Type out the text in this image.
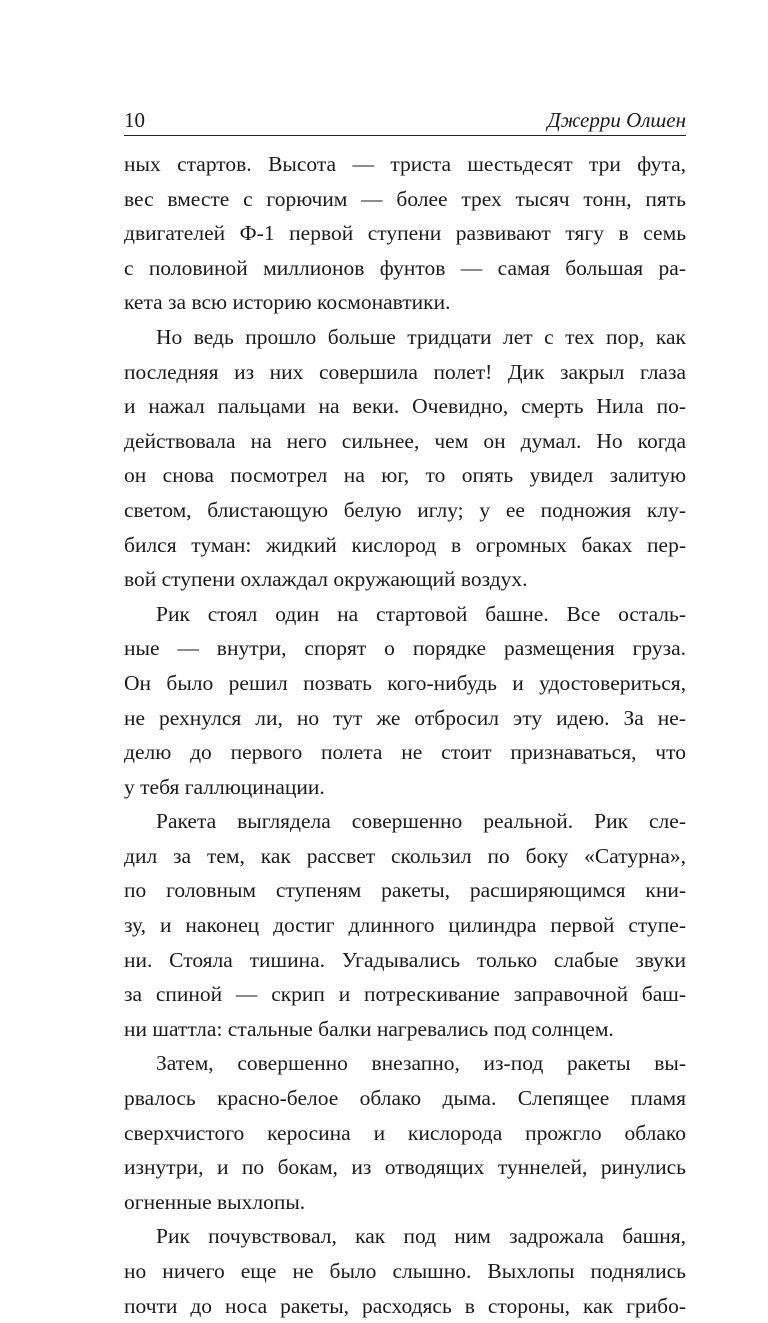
10	Джерри Олшен
ных стартов. Высота — триста шестьдесят три фута,
вес вместе с горючим — более трех тысяч тонн, пять
двигателей Ф-1 первой ступени развивают тягу в семь
с половиной миллионов фунтов — самая большая ра-
кета за всю историю космонавтики.
Но ведь прошло больше тридцати лет с тех пор, как
последняя из них совершила полет! Дик закрыл глаза
и нажал пальцами на веки. Очевидно, смерть Нила по-
действовала на него сильнее, чем он думал. Но когда
он снова посмотрел на юг, то опять увидел залитую
светом, блистающую белую иглу; у ее подножия клу-
бился туман: жидкий кислород в огромных баках пер-
вой ступени охлаждал окружающий воздух.
Рик стоял один на стартовой башне. Все осталь-
ные — внутри, спорят о порядке размещения груза.
Он было решил позвать кого-нибудь и удостовериться,
не рехнулся ли, но тут же отбросил эту идею. За не-
делю до первого полета не стоит признаваться, что
у тебя галлюцинации.
Ракета выглядела совершенно реальной. Рик сле-
дил за тем, как рассвет скользил по боку «Сатурна»,
по головным ступеням ракеты, расширяющимся кни-
зу, и наконец достиг длинного цилиндра первой ступе-
ни. Стояла тишина. Угадывались только слабые звуки
за спиной — скрип и потрескивание заправочной баш-
ни шаттла: стальные балки нагревались под солнцем.
Затем, совершенно внезапно, из-под ракеты вы-
рвалось красно-белое облако дыма. Слепящее пламя
сверхчистого керосина и кислорода прожгло облако
изнутри, и по бокам, из отводящих туннелей, ринулись
огненные выхлопы.
Рик почувствовал, как под ним задрожала башня,
но ничего еще не было слышно. Выхлопы поднялись
почти до носа ракеты, расходясь в стороны, как грибо-
